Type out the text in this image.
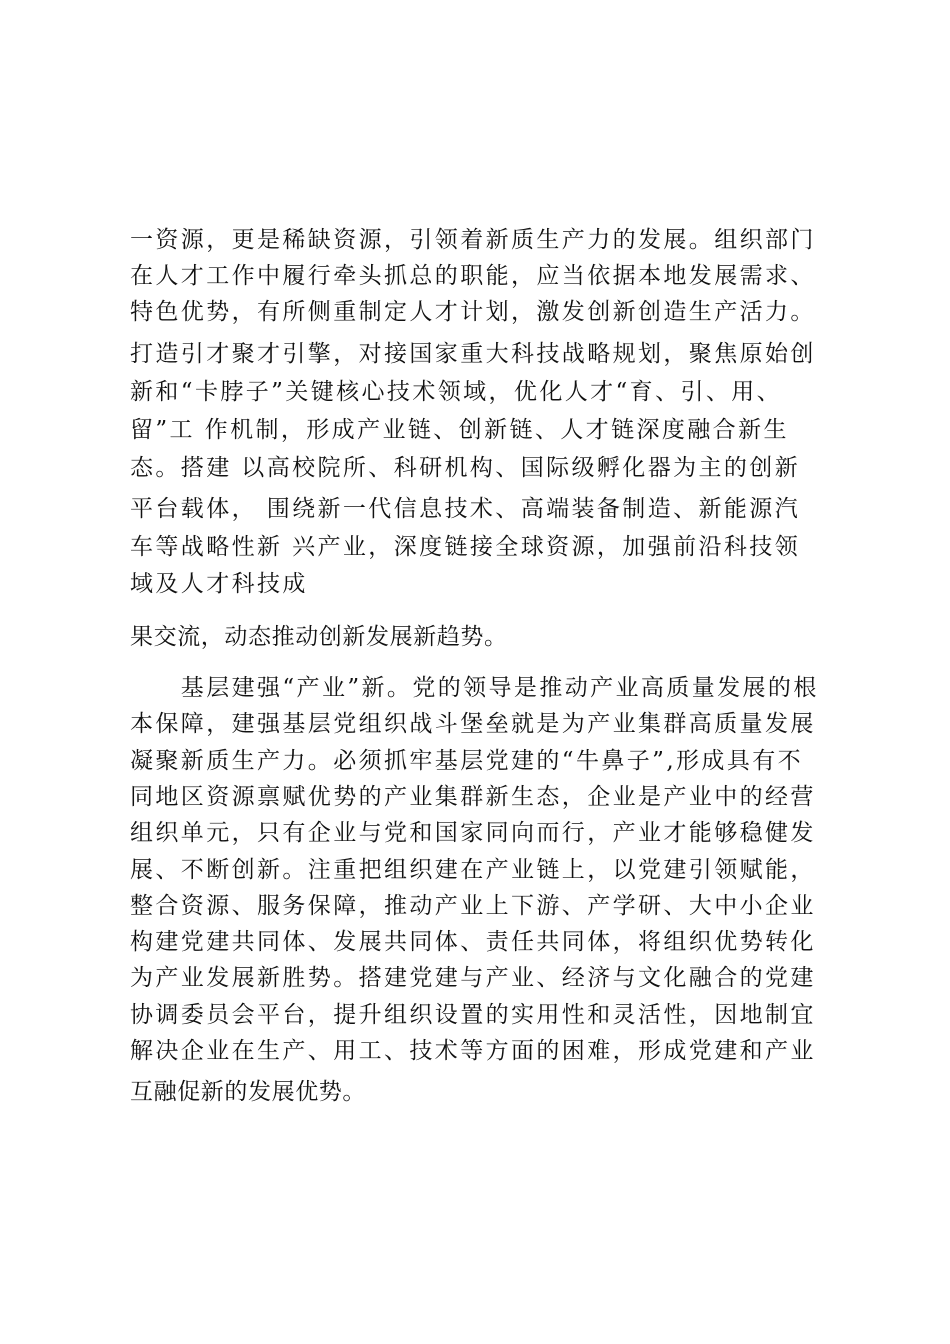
一资源，更是稀缺资源，引领着新质生产力的发展。组织部门
在人才工作中履行牵头抓总的职能，应当依据本地发展需求、
特色优势，有所侧重制定人才计划，激发创新创造生产活力。
打造引才聚才引擎，对接国家重大科技战略规划，聚焦原始创
新和“卡脖子”关键核心技术领域，优化人才“育、引、用、
留”工 作机制，形成产业链、创新链、人才链深度融合新生
态。搭建 以高校院所、科研机构、国际级孵化器为主的创新
平台载体， 围绕新一代信息技术、高端装备制造、新能源汽
车等战略性新 兴产业，深度链接全球资源，加强前沿科技领
域及人才科技成
果交流，动态推动创新发展新趋势。
　　基层建强“产业”新。党的领导是推动产业高质量发展的根
本保障，建强基层党组织战斗堡垒就是为产业集群高质量发展
凝聚新质生产力。必须抓牢基层党建的“牛鼻子”,形成具有不
同地区资源禀赋优势的产业集群新生态，企业是产业中的经营
组织单元，只有企业与党和国家同向而行，产业才能够稳健发
展、不断创新。注重把组织建在产业链上，以党建引领赋能，
整合资源、服务保障，推动产业上下游、产学研、大中小企业
构建党建共同体、发展共同体、责任共同体，将组织优势转化
为产业发展新胜势。搭建党建与产业、经济与文化融合的党建
协调委员会平台，提升组织设置的实用性和灵活性，因地制宜
解决企业在生产、用工、技术等方面的困难，形成党建和产业
互融促新的发展优势。
